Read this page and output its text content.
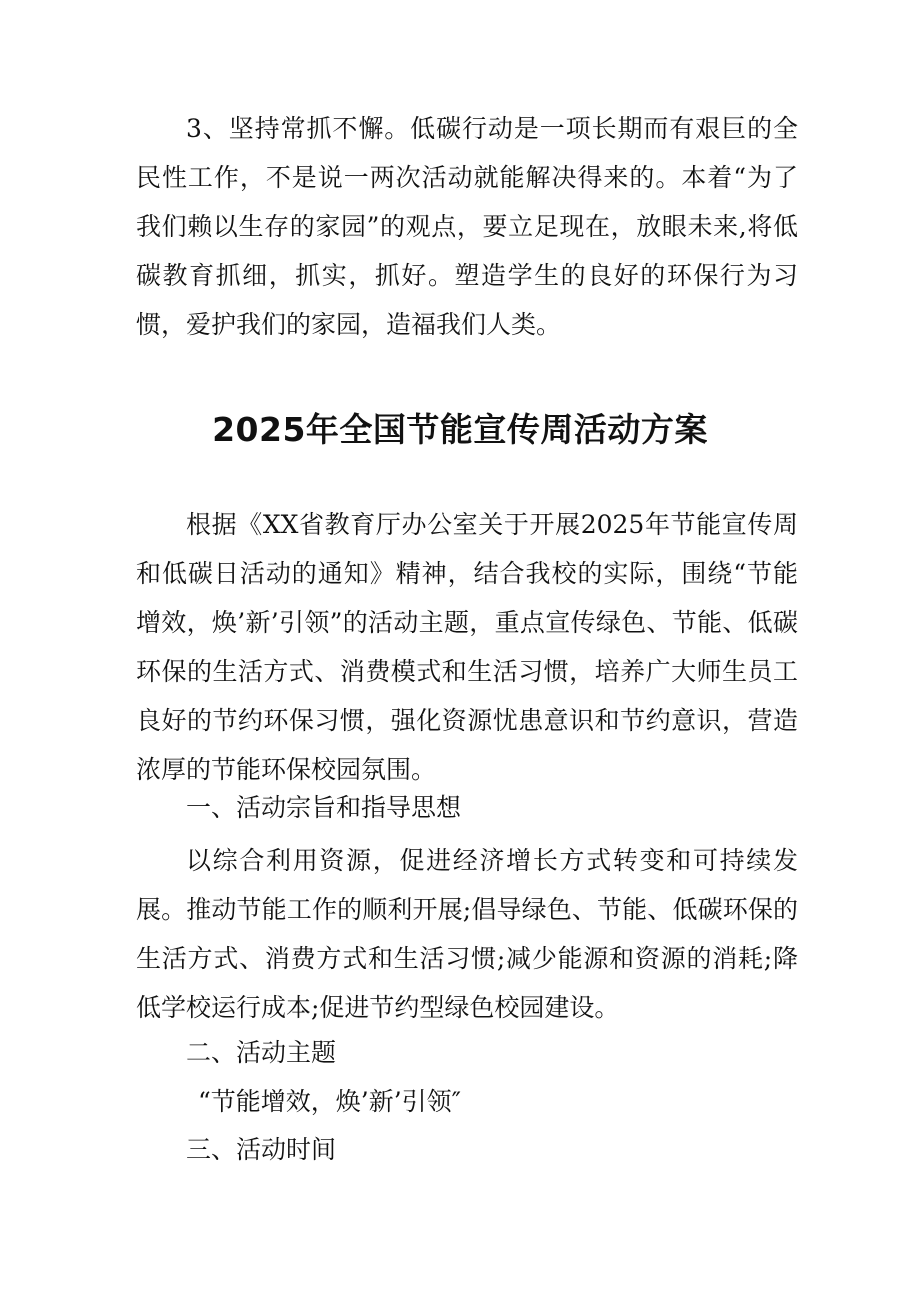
3、坚持常抓不懈。低碳行动是一项长期而有艰巨的全民性工作，不是说一两次活动就能解决得来的。本着“为了我们赖以生存的家园”的观点，要立足现在，放眼未来,将低碳教育抓细，抓实，抓好。塑造学生的良好的环保行为习惯，爱护我们的家园，造福我们人类。

2025年全国节能宣传周活动方案

根据《XX省教育厅办公室关于开展2025年节能宣传周和低碳日活动的通知》精神，结合我校的实际，围绕“节能增效，焕’新’引领”的活动主题，重点宣传绿色、节能、低碳环保的生活方式、消费模式和生活习惯，培养广大师生员工良好的节约环保习惯，强化资源忧患意识和节约意识，营造浓厚的节能环保校园氛围。

一、活动宗旨和指导思想

以综合利用资源，促进经济增长方式转变和可持续发展。推动节能工作的顺利开展;倡导绿色、节能、低碳环保的生活方式、消费方式和生活习惯;减少能源和资源的消耗;降低学校运行成本;促进节约型绿色校园建设。

二、活动主题

“节能增效，焕’新’引领″

三、活动时间
